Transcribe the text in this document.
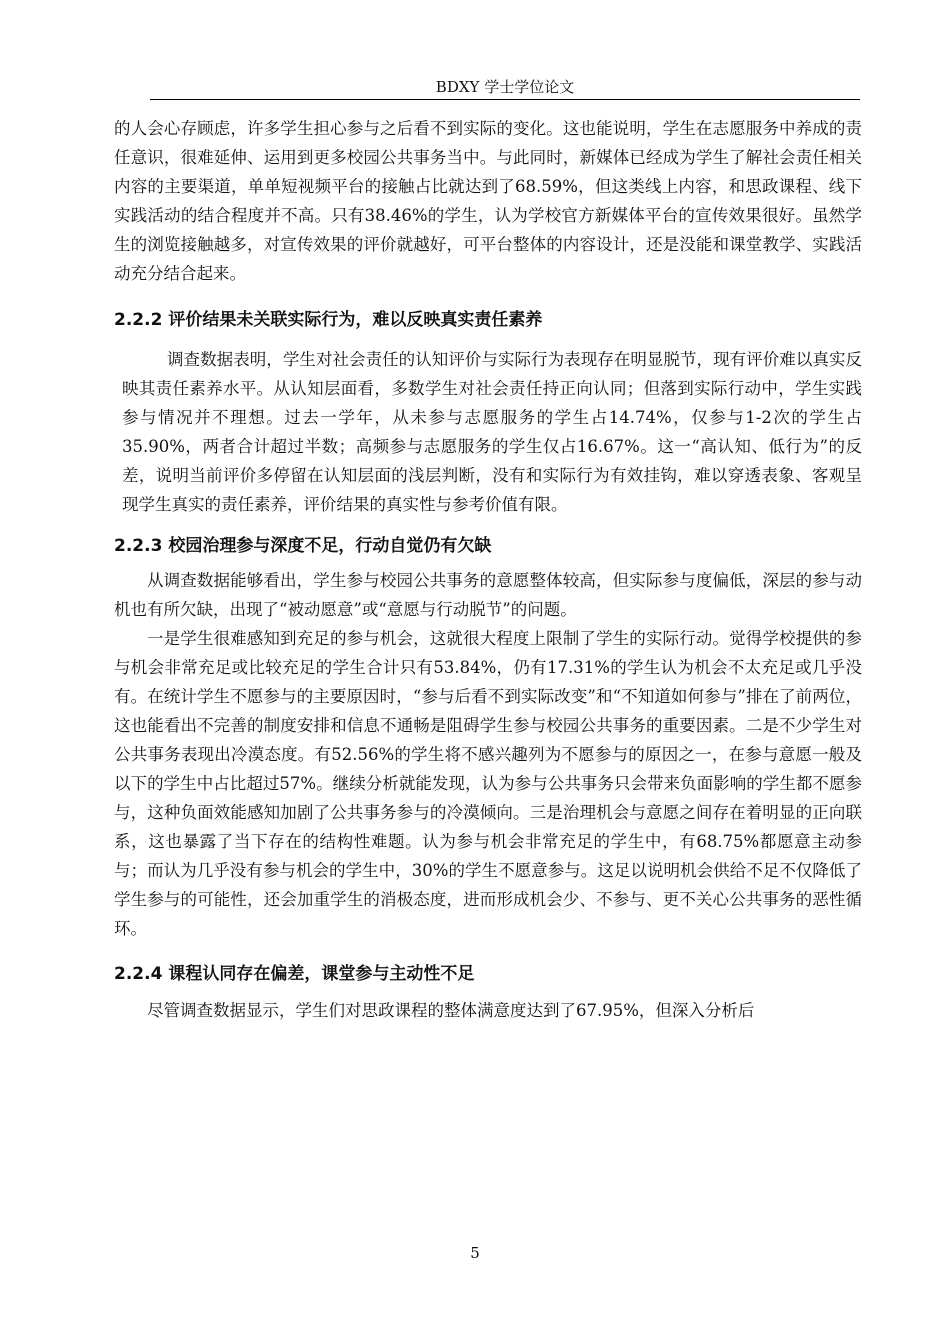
BDXY 学士学位论文

的人会心存顾虑，许多学生担心参与之后看不到实际的变化。这也能说明，学生在志愿服务中养成的责任意识，很难延伸、运用到更多校园公共事务当中。与此同时，新媒体已经成为学生了解社会责任相关内容的主要渠道，单单短视频平台的接触占比就达到了68.59%，但这类线上内容，和思政课程、线下实践活动的结合程度并不高。只有38.46%的学生，认为学校官方新媒体平台的宣传效果很好。虽然学生的浏览接触越多，对宣传效果的评价就越好，可平台整体的内容设计，还是没能和课堂教学、实践活动充分结合起来。

2.2.2 评价结果未关联实际行为，难以反映真实责任素养

调查数据表明，学生对社会责任的认知评价与实际行为表现存在明显脱节，现有评价难以真实反映其责任素养水平。从认知层面看，多数学生对社会责任持正向认同；但落到实际行动中，学生实践参与情况并不理想。过去一学年，从未参与志愿服务的学生占14.74%，仅参与1-2次的学生占35.90%，两者合计超过半数；高频参与志愿服务的学生仅占16.67%。这一“高认知、低行为”的反差，说明当前评价多停留在认知层面的浅层判断，没有和实际行为有效挂钩，难以穿透表象、客观呈现学生真实的责任素养，评价结果的真实性与参考价值有限。

2.2.3 校园治理参与深度不足，行动自觉仍有欠缺

从调查数据能够看出，学生参与校园公共事务的意愿整体较高，但实际参与度偏低，深层的参与动机也有所欠缺，出现了“被动愿意”或“意愿与行动脱节”的问题。

一是学生很难感知到充足的参与机会，这就很大程度上限制了学生的实际行动。觉得学校提供的参与机会非常充足或比较充足的学生合计只有53.84%，仍有17.31%的学生认为机会不太充足或几乎没有。在统计学生不愿参与的主要原因时，“参与后看不到实际改变”和“不知道如何参与”排在了前两位，这也能看出不完善的制度安排和信息不通畅是阻碍学生参与校园公共事务的重要因素。二是不少学生对公共事务表现出冷漠态度。有52.56%的学生将不感兴趣列为不愿参与的原因之一，在参与意愿一般及以下的学生中占比超过57%。继续分析就能发现，认为参与公共事务只会带来负面影响的学生都不愿参与，这种负面效能感知加剧了公共事务参与的冷漠倾向。三是治理机会与意愿之间存在着明显的正向联系，这也暴露了当下存在的结构性难题。认为参与机会非常充足的学生中，有68.75%都愿意主动参与；而认为几乎没有参与机会的学生中，30%的学生不愿意参与。这足以说明机会供给不足不仅降低了学生参与的可能性，还会加重学生的消极态度，进而形成机会少、不参与、更不关心公共事务的恶性循环。

2.2.4 课程认同存在偏差，课堂参与主动性不足

尽管调查数据显示，学生们对思政课程的整体满意度达到了67.95%，但深入分析后

5
